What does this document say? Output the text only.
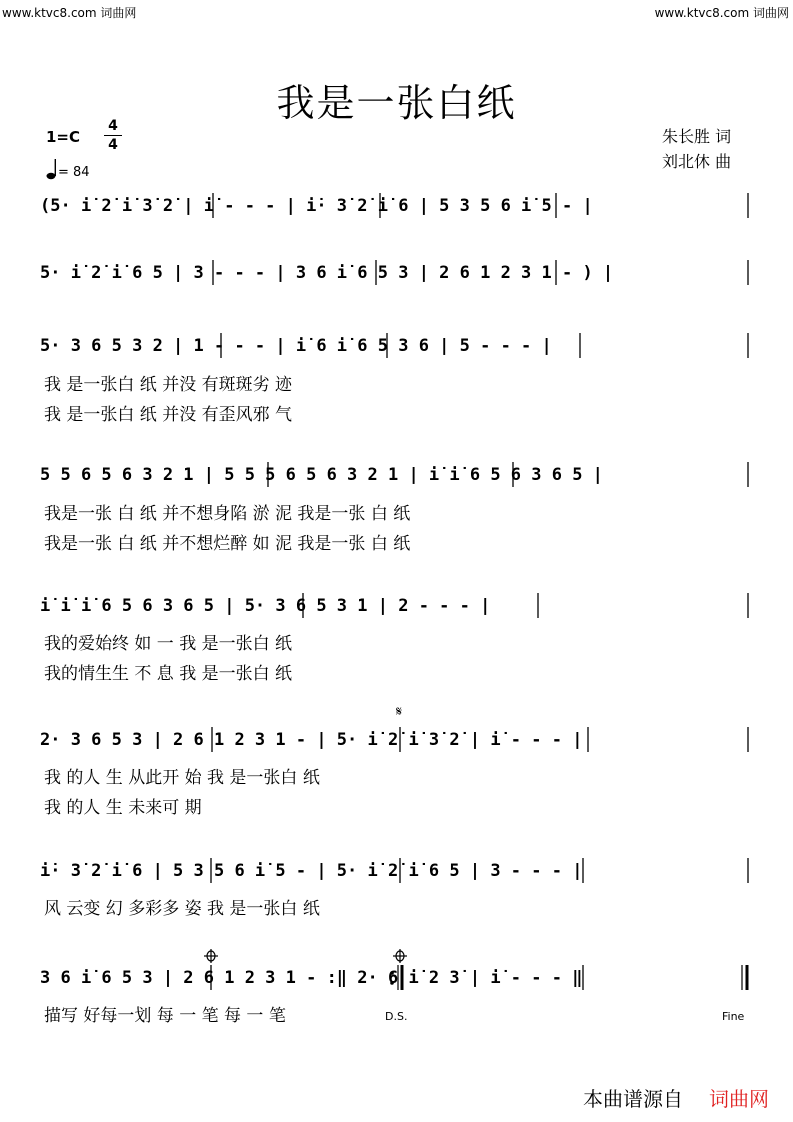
www.ktvc8.com 词曲网	www.ktvc8.com 词曲网
我是一张白纸
1=C
4
4
= 84
朱长胜 词
刘北休 曲
𝄋
(5· i̇ 2̇ i̇ 3̇ 2̇ | i̇ - - - | i̇· 3̇ 2̇ i̇ 6 | 5 3 5 6 i̇ 5 - |
5· i̇ 2̇ i̇ 6 5 | 3 - - - | 3 6 i̇ 6 5 3 | 2 6 1 2 3 1 - ) |
5· 3 6 5 3 2 | 1 - - - | i̇ 6 i̇ 6 5 3 6 | 5 - - - |
我 是一张白 纸 并没 有斑斑劣 迹
我 是一张白 纸 并没 有歪风邪 气
5 5 6 5 6 3 2 1 | 5 5 5 6 5 6 3 2 1 | i̇ i̇ 6 5 6 3 6 5 |
我是一张 白 纸 并不想身陷 淤 泥 我是一张 白 纸
我是一张 白 纸 并不想烂醉 如 泥 我是一张 白 纸
i̇ i̇ i̇ 6 5 6 3 6 5 | 5· 3 6 5 3 1 | 2 - - - |
我的爱始终 如 一 我 是一张白 纸
我的情生生 不 息 我 是一张白 纸
2· 3 6 5 3 | 2 6 1 2 3 1 - | 5· i̇ 2̇ i̇ 3̇ 2̇ | i̇ - - - |
我 的人 生 从此开 始 我 是一张白 纸
我 的人 生 未来可 期
i̇· 3̇ 2̇ i̇ 6 | 5 3 5 6 i̇ 5 - | 5· i̇ 2̇ i̇ 6 5 | 3 - - - |
风 云变 幻 多彩多 姿 我 是一张白 纸
3 6 i̇ 6 5 3 | 2 6 1 2 3 1 - :‖ 2· 6 i̇ 2 3̇ | i̇ - - - ‖
描写 好每一划 每 一 笔 每 一 笔	D.S.	Fine
本曲谱源自 词曲网
